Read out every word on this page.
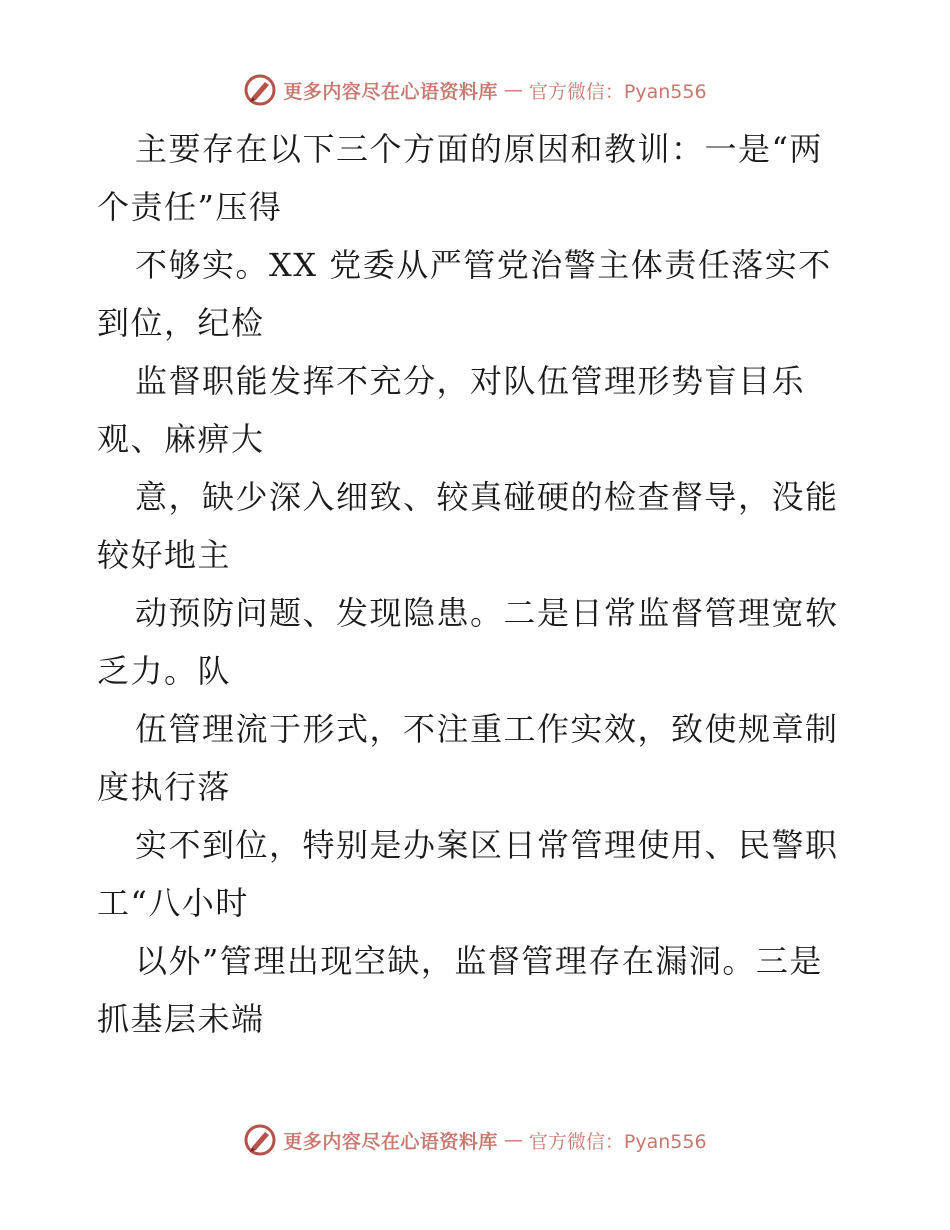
更多内容尽在心语资料库 — 官方微信：Pyan556
主要存在以下三个方面的原因和教训：一是“两
个责任”压得
不够实。XX 党委从严管党治警主体责任落实不
到位，纪检
监督职能发挥不充分，对队伍管理形势盲目乐
观、麻痹大
意，缺少深入细致、较真碰硬的检查督导，没能
较好地主
动预防问题、发现隐患。二是日常监督管理宽软
乏力。队
伍管理流于形式，不注重工作实效，致使规章制
度执行落
实不到位，特别是办案区日常管理使用、民警职
工“八小时
以外”管理出现空缺，监督管理存在漏洞。三是
抓基层未端
更多内容尽在心语资料库 — 官方微信：Pyan556
